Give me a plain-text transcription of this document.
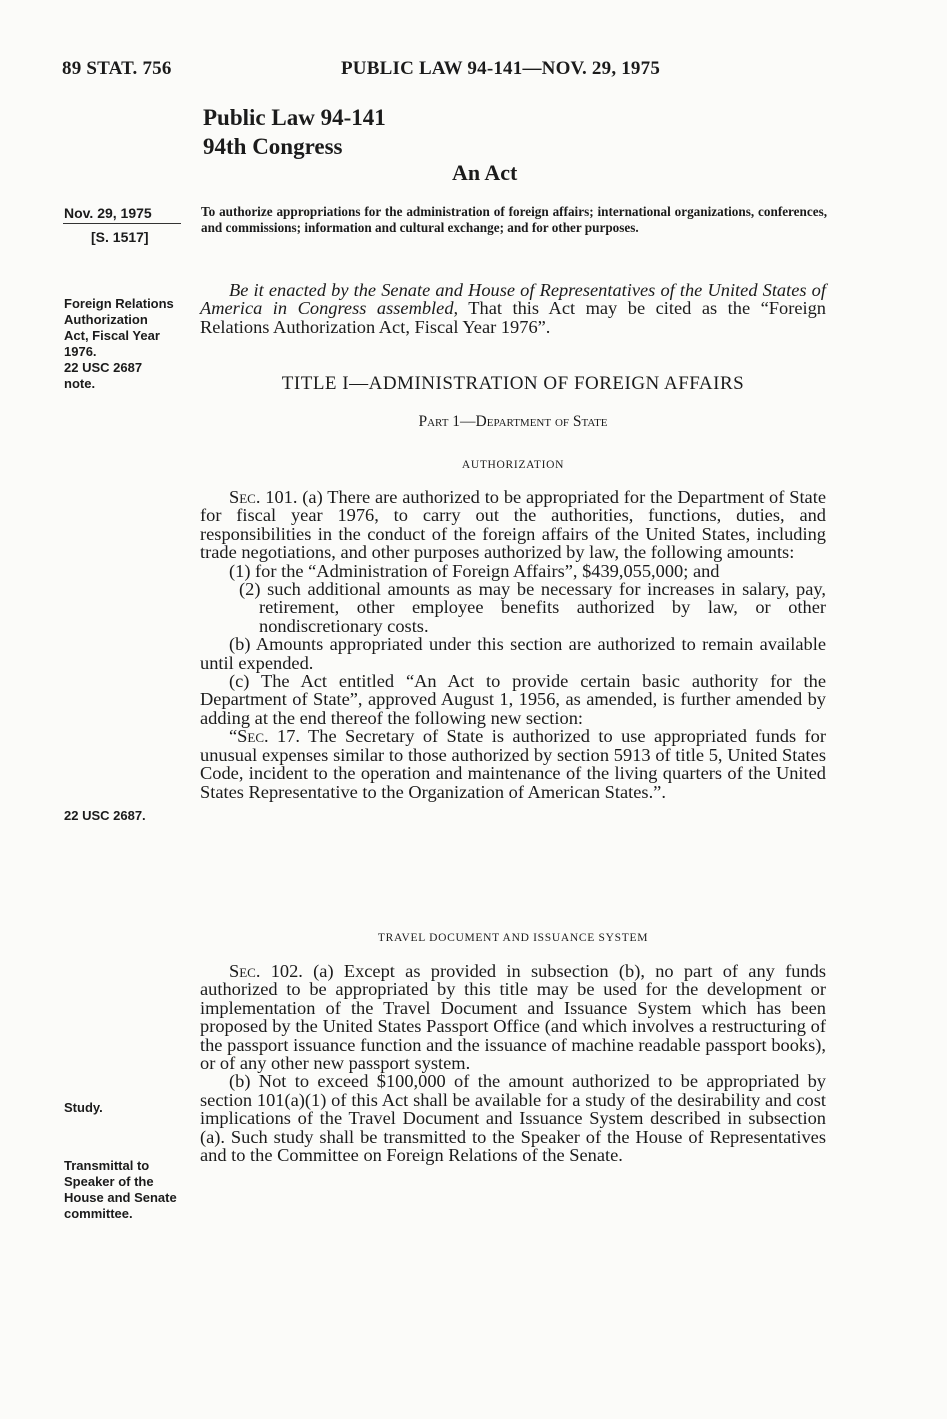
89 STAT. 756	PUBLIC LAW 94-141—NOV. 29, 1975
Public Law 94-141
94th Congress
An Act
Nov. 29, 1975
[S. 1517]
Foreign Relations
Authorization
Act, Fiscal Year
1976.
22 USC 2687
note.
22 USC 2687.
Study.
Transmittal to
Speaker of the
House and Senate
committee.
To authorize appropriations for the administration of foreign affairs; international organizations, conferences, and commissions; information and cultural exchange; and for other purposes.
Be it enacted by the Senate and House of Representatives of the United States of America in Congress assembled, That this Act may be cited as the “Foreign Relations Authorization Act, Fiscal Year 1976”.
TITLE I—ADMINISTRATION OF FOREIGN AFFAIRS
Part 1—Department of State
AUTHORIZATION

Sec. 101. (a) There are authorized to be appropriated for the Department of State for fiscal year 1976, to carry out the authorities, functions, duties, and responsibilities in the conduct of the foreign affairs of the United States, including trade negotiations, and other purposes authorized by law, the following amounts:

(1) for the “Administration of Foreign Affairs”, $439,055,000; and

(2) such additional amounts as may be necessary for increases in salary, pay, retirement, other employee benefits authorized by law, or other nondiscretionary costs.

(b) Amounts appropriated under this section are authorized to remain available until expended.

(c) The Act entitled “An Act to provide certain basic authority for the Department of State”, approved August 1, 1956, as amended, is further amended by adding at the end thereof the following new section:

“Sec. 17. The Secretary of State is authorized to use appropriated funds for unusual expenses similar to those authorized by section 5913 of title 5, United States Code, incident to the operation and maintenance of the living quarters of the United States Representative to the Organization of American States.”.

TRAVEL DOCUMENT AND ISSUANCE SYSTEM

Sec. 102. (a) Except as provided in subsection (b), no part of any funds authorized to be appropriated by this title may be used for the development or implementation of the Travel Document and Issuance System which has been proposed by the United States Passport Office (and which involves a restructuring of the passport issuance function and the issuance of machine readable passport books), or of any other new passport system.

(b) Not to exceed $100,000 of the amount authorized to be appropriated by section 101(a)(1) of this Act shall be available for a study of the desirability and cost implications of the Travel Document and Issuance System described in subsection (a). Such study shall be transmitted to the Speaker of the House of Representatives and to the Committee on Foreign Relations of the Senate.
